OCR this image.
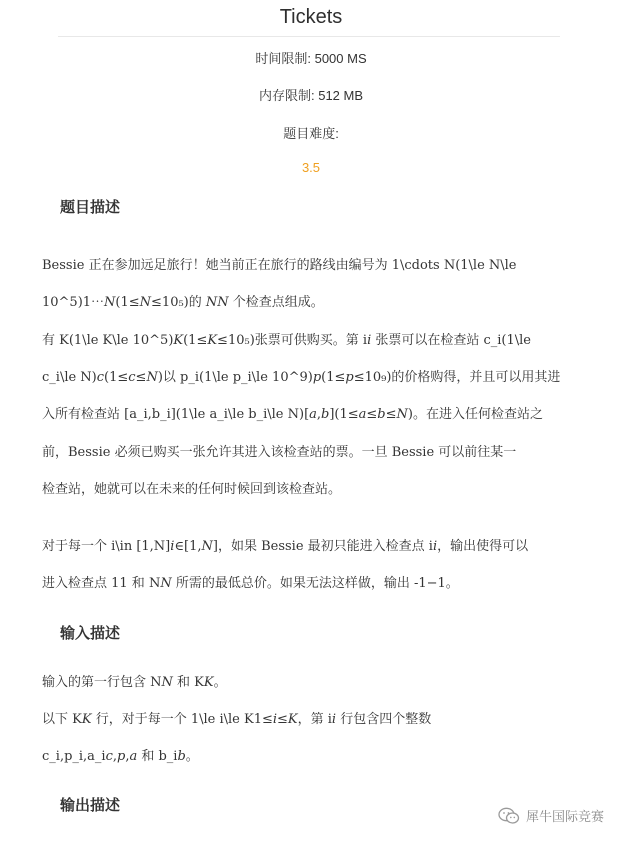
Tickets
时间限制: 5000 MS
内存限制: 512 MB
题目难度:
3.5
题目描述
Bessie 正在参加远足旅行！她当前正在旅行的路线由编号为 1\cdots N(1\le N\le
10^5)1⋯𝑁(1≤𝑁≤10₅)的 𝑁𝑁 个检查点组成。
有 K(1\le K\le 10^5)𝐾(1≤𝐾≤10₅)张票可供购买。第 i𝑖 张票可以在检查站 c_i(1\le
c_i\le N)𝑐(1≤𝑐≤𝑁)以 p_i(1\le p_i\le 10^9)𝑝(1≤𝑝≤10₉)的价格购得，并且可以用其进
入所有检查站 [a_i,b_i](1\le a_i\le b_i\le N)[𝑎,𝑏](1≤𝑎≤𝑏≤𝑁)。在进入任何检查站之
前，Bessie 必须已购买一张允许其进入该检查站的票。一旦 Bessie 可以前往某一
检查站，她就可以在未来的任何时候回到该检查站。
对于每一个 i\in [1,N]𝑖∈[1,𝑁]，如果 Bessie 最初只能进入检查点 i𝑖，输出使得可以
进入检查点 11 和 N𝑁 所需的最低总价。如果无法这样做，输出 -1−1。
输入描述
输入的第一行包含 N𝑁 和 K𝐾。
以下 K𝐾 行，对于每一个 1\le i\le K1≤𝑖≤𝐾，第 i𝑖 行包含四个整数
c_i,p_i,a_i𝑐,𝑝,𝑎 和 b_i𝑏。
输出描述
犀牛国际竞赛
